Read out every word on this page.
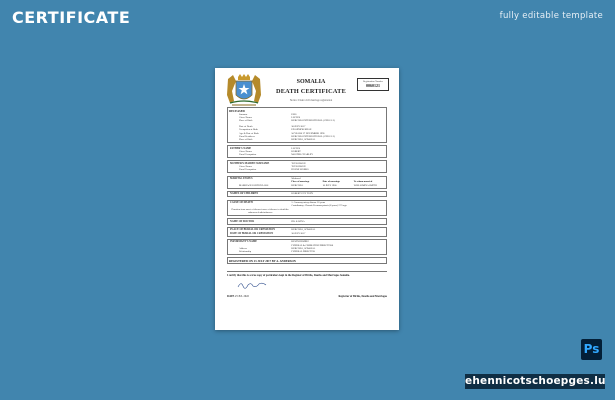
CERTIFICATE	fully editable template
SOMALIA
DEATH CERTIFICATE
Notice: Under civil marriage registration
Registration Number
0060121
DECEASED
Surname	ELIS
Given Names	LUCIUS
Place of Birth	BURCOHA INTERNATIONAL (CHOCA 2)
Date of Death	30 JULY 2017
Occupation at Birth	EX-SENIOR KILLE
Age & Date of Birth	50 YEARS 27 NOVEMBER 1996
Usual Residence	BURCOHA INTERNATIONAL (CHOCA 2)
Place of Birth	BURCOHA, SOMALIA
FATHER'S NAME	LUCIUS
Given Names	ROBERT
Usual Occupation	MASTER CHARLEY
MOTHER'S MAIDEN SURNAME	TAYLORSON
Given Names	TAYLORSON
Usual Occupation	HOUSE WORKS
MARITAL STATUS	Widowed
Place of marriage	Date of marriage	To whom married
MARRIAGE PARTICULARS	BURCOHA	10 JULY 1960	WILLIAMINA SMITH
NAMES OF CHILDREN	ROBERT 1972 TONY
CAUSE OF DEATH	1. Coronary artery disease 16 years
Contributory: Chronic Pneumocystosis (8 years) 17/5 ago
Duration from onset of disease/cause of disease to death/the unknown death/unknown
NAME OF DOCTOR	DR. SAVINA
PLACE OF BURIAL OR CREMATION	BURCOHA, SOMALIA
DATE OF BURIAL OR CREMATION	30 JULY 2017
INFORMANT'S NAME	KEVIN HEMING
FUNERAL & CREMATION DIRECTORS
Address	BURCOHA, SOMALIA
Relationship	FUNERAL DIRECTOR
REGISTERED ON 23 JULY 2017 BY A. ANDERSON
I certify that this is a true copy of particulars kept in the Register of Births, Deaths and Marriages Somalia.
DATE 23 JUL 2022	Registrar of Births, Deaths and Marriages
Ps
ehennicotschoepges.lu
